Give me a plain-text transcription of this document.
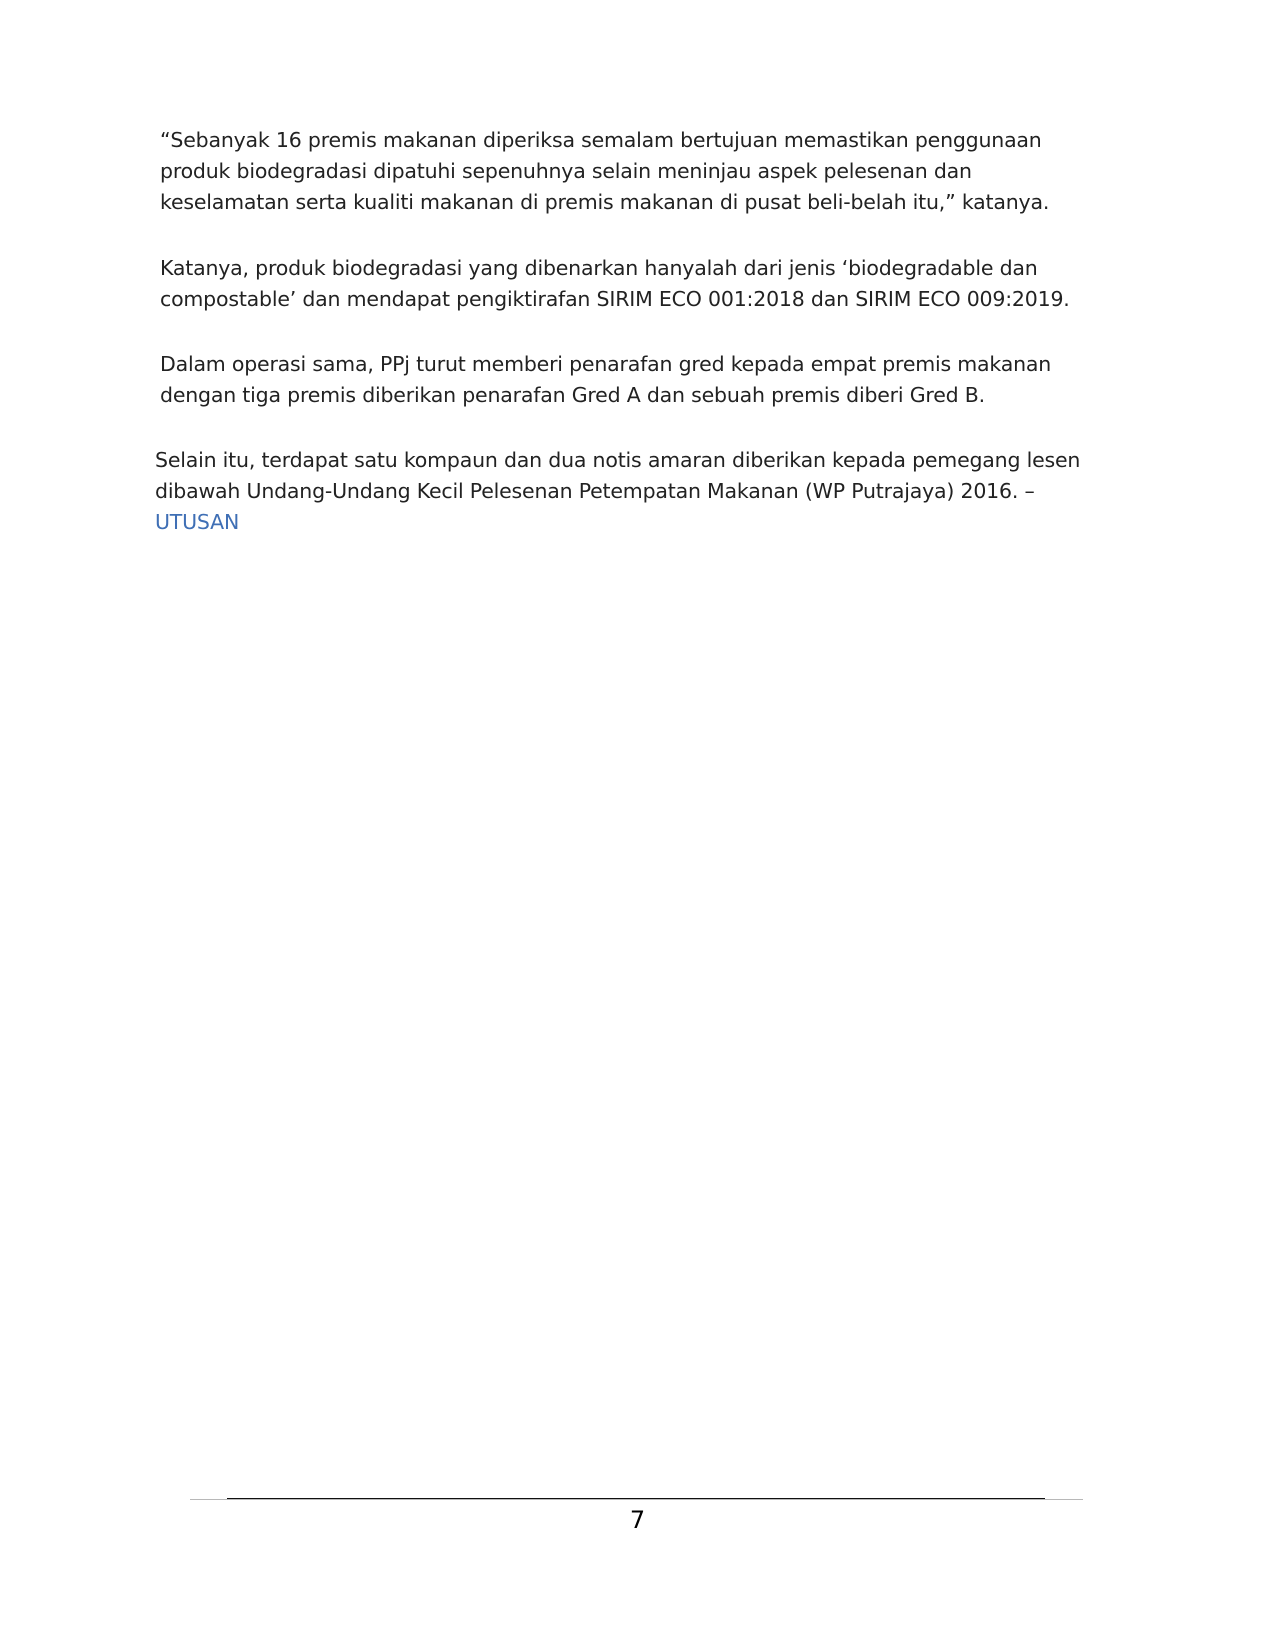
“Sebanyak 16 premis makanan diperiksa semalam bertujuan memastikan penggunaan
produk biodegradasi dipatuhi sepenuhnya selain meninjau aspek pelesenan dan
keselamatan serta kualiti makanan di premis makanan di pusat beli-belah itu,” katanya.

Katanya, produk biodegradasi yang dibenarkan hanyalah dari jenis ‘biodegradable dan
compostable’ dan mendapat pengiktirafan SIRIM ECO 001:2018 dan SIRIM ECO 009:2019.

Dalam operasi sama, PPj turut memberi penarafan gred kepada empat premis makanan
dengan tiga premis diberikan penarafan Gred A dan sebuah premis diberi Gred B.

Selain itu, terdapat satu kompaun dan dua notis amaran diberikan kepada pemegang lesen
dibawah Undang-Undang Kecil Pelesenan Petempatan Makanan (WP Putrajaya) 2016. –
UTUSAN

7
